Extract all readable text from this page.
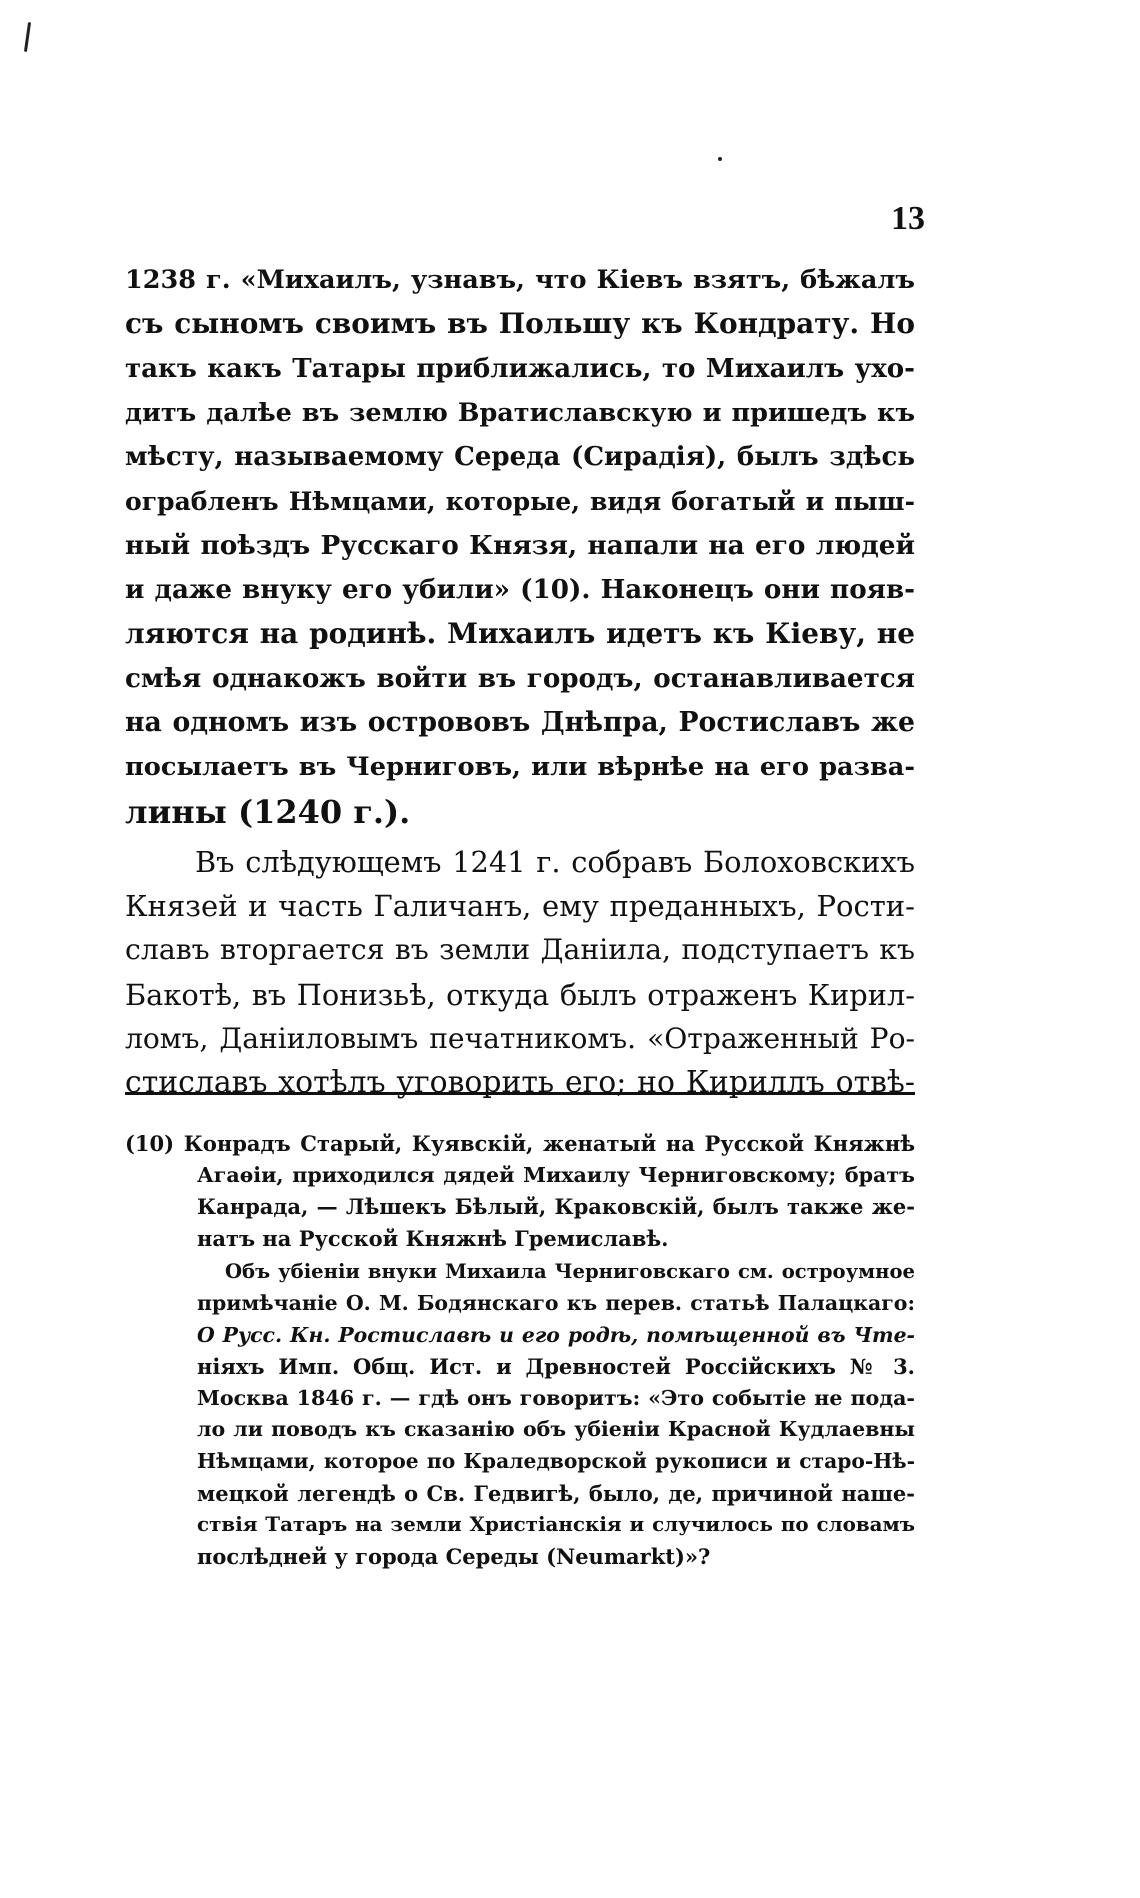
13
1238 г. «Михаилъ, узнавъ, что Кіевъ взятъ, бѣжалъ
съ сыномъ своимъ въ Польшу къ Кондрату. Но
такъ какъ Татары приближались, то Михаилъ ухо-
дитъ далѣе въ землю Вратиславскую и пришедъ къ
мѣсту, называемому Середа (Сирадія), былъ здѣсь
ограбленъ Нѣмцами, которые, видя богатый и пыш-
ный поѣздъ Русскаго Князя, напали на его людей
и даже внуку его убили» (10). Наконецъ они появ-
ляются на родинѣ. Михаилъ идетъ къ Кіеву, не
смѣя однакожъ войти въ городъ, останавливается
на одномъ изъ острововъ Днѣпра, Ростиславъ же
посылаетъ въ Черниговъ, или вѣрнѣе на его разва-
лины (1240 г.).
Въ слѣдующемъ 1241 г. собравъ Болоховскихъ
Князей и часть Галичанъ, ему преданныхъ, Рости-
славъ вторгается въ земли Даніила, подступаетъ къ
Бакотѣ, въ Понизьѣ, откуда былъ отраженъ Кирил-
ломъ, Даніиловымъ печатникомъ. «Отраженный Ро-
стиславъ хотѣлъ уговорить его; но Кириллъ отвѣ-
(10) Конрадъ Старый, Куявскій, женатый на Русской Княжнѣ
Агаѳіи, приходился дядей Михаилу Черниговскому; братъ
Канрада, — Лѣшекъ Бѣлый, Краковскій, былъ также же-
натъ на Русской Княжнѣ Гремиславѣ.
Объ убіеніи внуки Михаила Черниговскаго см. остроумное
примѣчаніе О. М. Бодянскаго къ перев. статьѣ Палацкаго:
О Русс. Кн. Ростиславѣ и его родѣ, помѣщенной въ Чте-
ніяхъ Имп. Общ. Ист. и Древностей Россійскихъ № 3.
Москва 1846 г. — гдѣ онъ говоритъ: «Это событіе не пода-
ло ли поводъ къ сказанію объ убіеніи Красной Кудлаевны
Нѣмцами, которое по Краледворской рукописи и старо-Нѣ-
мецкой легендѣ о Св. Гедвигѣ, было, де, причиной наше-
ствія Татаръ на земли Христіанскія и случилось по словамъ
послѣдней у города Середы (Neumarkt)»?
